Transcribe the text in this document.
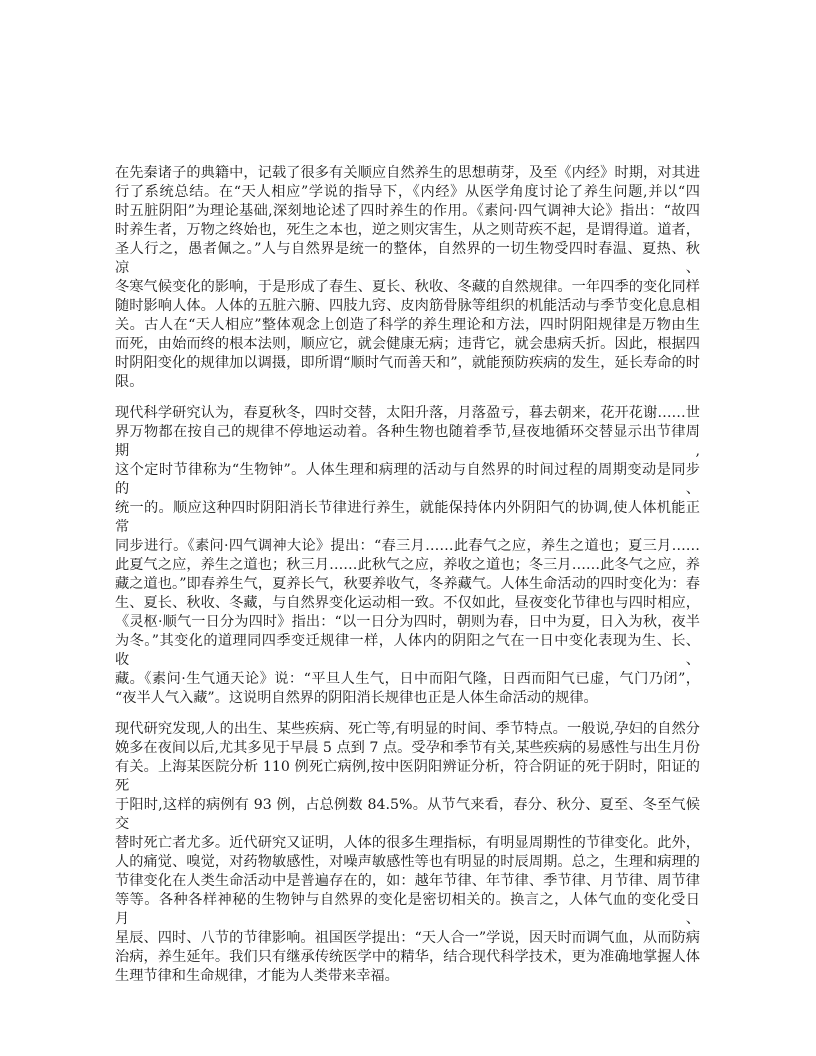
在先秦诸子的典籍中，记载了很多有关顺应自然养生的思想萌芽，及至《内经》时期，对其进
行了系统总结。在“天人相应”学说的指导下，《内经》从医学角度讨论了养生问题,并以“四
时五脏阴阳”为理论基础,深刻地论述了四时养生的作用。《素问·四气调神大论》指出：“故四
时养生者，万物之终始也，死生之本也，逆之则灾害生，从之则苛疾不起，是谓得道。道者，
圣人行之，愚者佩之。”人与自然界是统一的整体，自然界的一切生物受四时春温、夏热、秋凉、
冬寒气候变化的影响，于是形成了春生、夏长、秋收、冬藏的自然规律。一年四季的变化同样
随时影响人体。人体的五脏六腑、四肢九窍、皮肉筋骨脉等组织的机能活动与季节变化息息相
关。古人在“天人相应”整体观念上创造了科学的养生理论和方法，四时阴阳规律是万物由生
而死，由始而终的根本法则，顺应它，就会健康无病；违背它，就会患病夭折。因此，根据四
时阴阳变化的规律加以调摄，即所谓“顺时气而善天和”，就能预防疾病的发生，延长寿命的时
限。

现代科学研究认为，春夏秋冬，四时交替，太阳升落，月落盈亏，暮去朝来，花开花谢……世
界万物都在按自己的规律不停地运动着。各种生物也随着季节,昼夜地循环交替显示出节律周期,
这个定时节律称为“生物钟”。人体生理和病理的活动与自然界的时间过程的周期变动是同步的、
统一的。顺应这种四时阴阳消长节律进行养生，就能保持体内外阴阳气的协调,使人体机能正常
同步进行。《素问·四气调神大论》提出：“春三月……此春气之应，养生之道也；夏三月……
此夏气之应，养生之道也；秋三月……此秋气之应，养收之道也；冬三月……此冬气之应，养
藏之道也。”即春养生气，夏养长气，秋要养收气，冬养藏气。人体生命活动的四时变化为：春
生、夏长、秋收、冬藏，与自然界变化运动相一致。不仅如此，昼夜变化节律也与四时相应，
《灵枢·顺气一日分为四时》指出：“以一日分为四时，朝则为春，日中为夏，日入为秋，夜半
为冬。”其变化的道理同四季变迁规律一样，人体内的阴阳之气在一日中变化表现为生、长、收、
藏。《素问·生气通天论》说：“平旦人生气，日中而阳气隆，日西而阳气已虚，气门乃闭”，
“夜半人气入藏”。这说明自然界的阴阳消长规律也正是人体生命活动的规律。

现代研究发现,人的出生、某些疾病、死亡等,有明显的时间、季节特点。一般说,孕妇的自然分
娩多在夜间以后,尤其多见于早晨 5 点到 7 点。受孕和季节有关,某些疾病的易感性与出生月份
有关。上海某医院分析 110 例死亡病例,按中医阴阳辨证分析，符合阴证的死于阴时，阳证的死
于阳时,这样的病例有 93 例，占总例数 84.5%。从节气来看，春分、秋分、夏至、冬至气候交
替时死亡者尤多。近代研究又证明，人体的很多生理指标，有明显周期性的节律变化。此外，
人的痛觉、嗅觉，对药物敏感性，对噪声敏感性等也有明显的时辰周期。总之，生理和病理的
节律变化在人类生命活动中是普遍存在的，如：越年节律、年节律、季节律、月节律、周节律
等等。各种各样神秘的生物钟与自然界的变化是密切相关的。换言之，人体气血的变化受日月、
星辰、四时、八节的节律影响。祖国医学提出：“天人合一”学说，因天时而调气血，从而防病
治病，养生延年。我们只有继承传统医学中的精华，结合现代科学技术，更为准确地掌握人体
生理节律和生命规律，才能为人类带来幸福。
